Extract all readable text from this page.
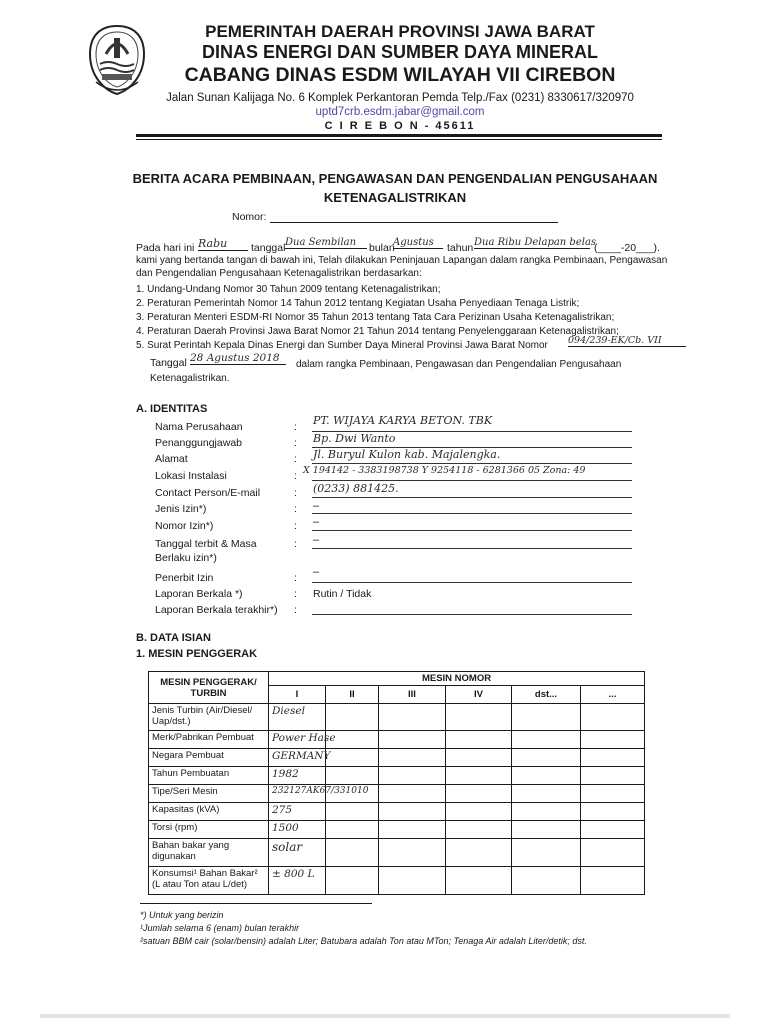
PEMERINTAH DAERAH PROVINSI JAWA BARAT
DINAS ENERGI DAN SUMBER DAYA MINERAL
CABANG DINAS ESDM WILAYAH VII CIREBON
Jalan Sunan Kalijaga No. 6 Komplek Perkantoran Pemda Telp./Fax (0231) 8330617/320970
uptd7crb.esdm.jabar@gmail.com
C I R E B O N - 45611
BERITA ACARA PEMBINAAN, PENGAWASAN DAN PENGENDALIAN PENGUSAHAAN
KETENAGALISTRIKAN
Nomor:
Pada hari ini Rabu	tanggal Dua Sembilan	bulan
Agustus	tahun Dua Ribu Delapan belas
(____-20___).
kami yang bertanda tangan di bawah ini, Telah dilakukan Peninjauan Lapangan dalam rangka Pembinaan, Pengawasan
dan Pengendalian Pengusahaan Ketenagalistrikan berdasarkan:
1. Undang-Undang Nomor 30 Tahun 2009 tentang Ketenagalistrikan;
2. Peraturan Pemerintah Nomor 14 Tahun 2012 tentang Kegiatan Usaha Penyediaan Tenaga Listrik;
3. Peraturan Menteri ESDM-RI Nomor 35 Tahun 2013 tentang Tata Cara Perizinan Usaha Ketenagalistrikan;
4. Peraturan Daerah Provinsi Jawa Barat Nomor 21 Tahun 2014 tentang Penyelenggaraan Ketenagalistrikan;
5. Surat Perintah Kepala Dinas Energi dan Sumber Daya Mineral Provinsi Jawa Barat Nomor 094/239-EK/Cb. VII
Tanggal 28 Agustus 2018
dalam rangka Pembinaan, Pengawasan dan Pengendalian Pengusahaan
Ketenagalistrikan.
A. IDENTITAS
Nama Perusahaan	: PT. WIJAYA KARYA BETON. TBK
Penanggungjawab	: Bp. Dwi Wanto
Alamat	: Jl. Buryul Kulon kab. Majalengka.
Lokasi Instalasi	: X 194142 - 3383198738 Y 9254118 - 6281366 05 Zona: 49
Contact Person/E-mail	: (0233) 881425.
Jenis Izin*)	: –
Nomor Izin*)	: –
Tanggal terbit & Masa	: –
Berlaku izin*)
Penerbit Izin	: –
Laporan Berkala *)	: Rutin / Tidak
Laporan Berkala terakhir*) :
B. DATA ISIAN
1. MESIN PENGGERAK
MESIN PENGGERAK/ TURBIN	MESIN NOMOR					
	I	II	III	IV	dst...	...
Jenis Turbin (Air/Diesel/ Uap/dst.)	Diesel					
Merk/Pabrikan Pembuat	Power Hase					
Negara Pembuat	GERMANY					
Tahun Pembuatan	1982					
Tipe/Seri Mesin	232127AK67/331010					
Kapasitas (kVA)	275					
Torsi (rpm)	1500					
Bahan bakar yang digunakan	solar					
Konsumsi¹ Bahan Bakar² (L atau Ton atau L/det)	± 800 L					
*) Untuk yang berizin
¹Jumlah selama 6 (enam) bulan terakhir
²satuan BBM cair (solar/bensin) adalah Liter; Batubara adalah Ton atau MTon; Tenaga Air adalah Liter/detik; dst.
